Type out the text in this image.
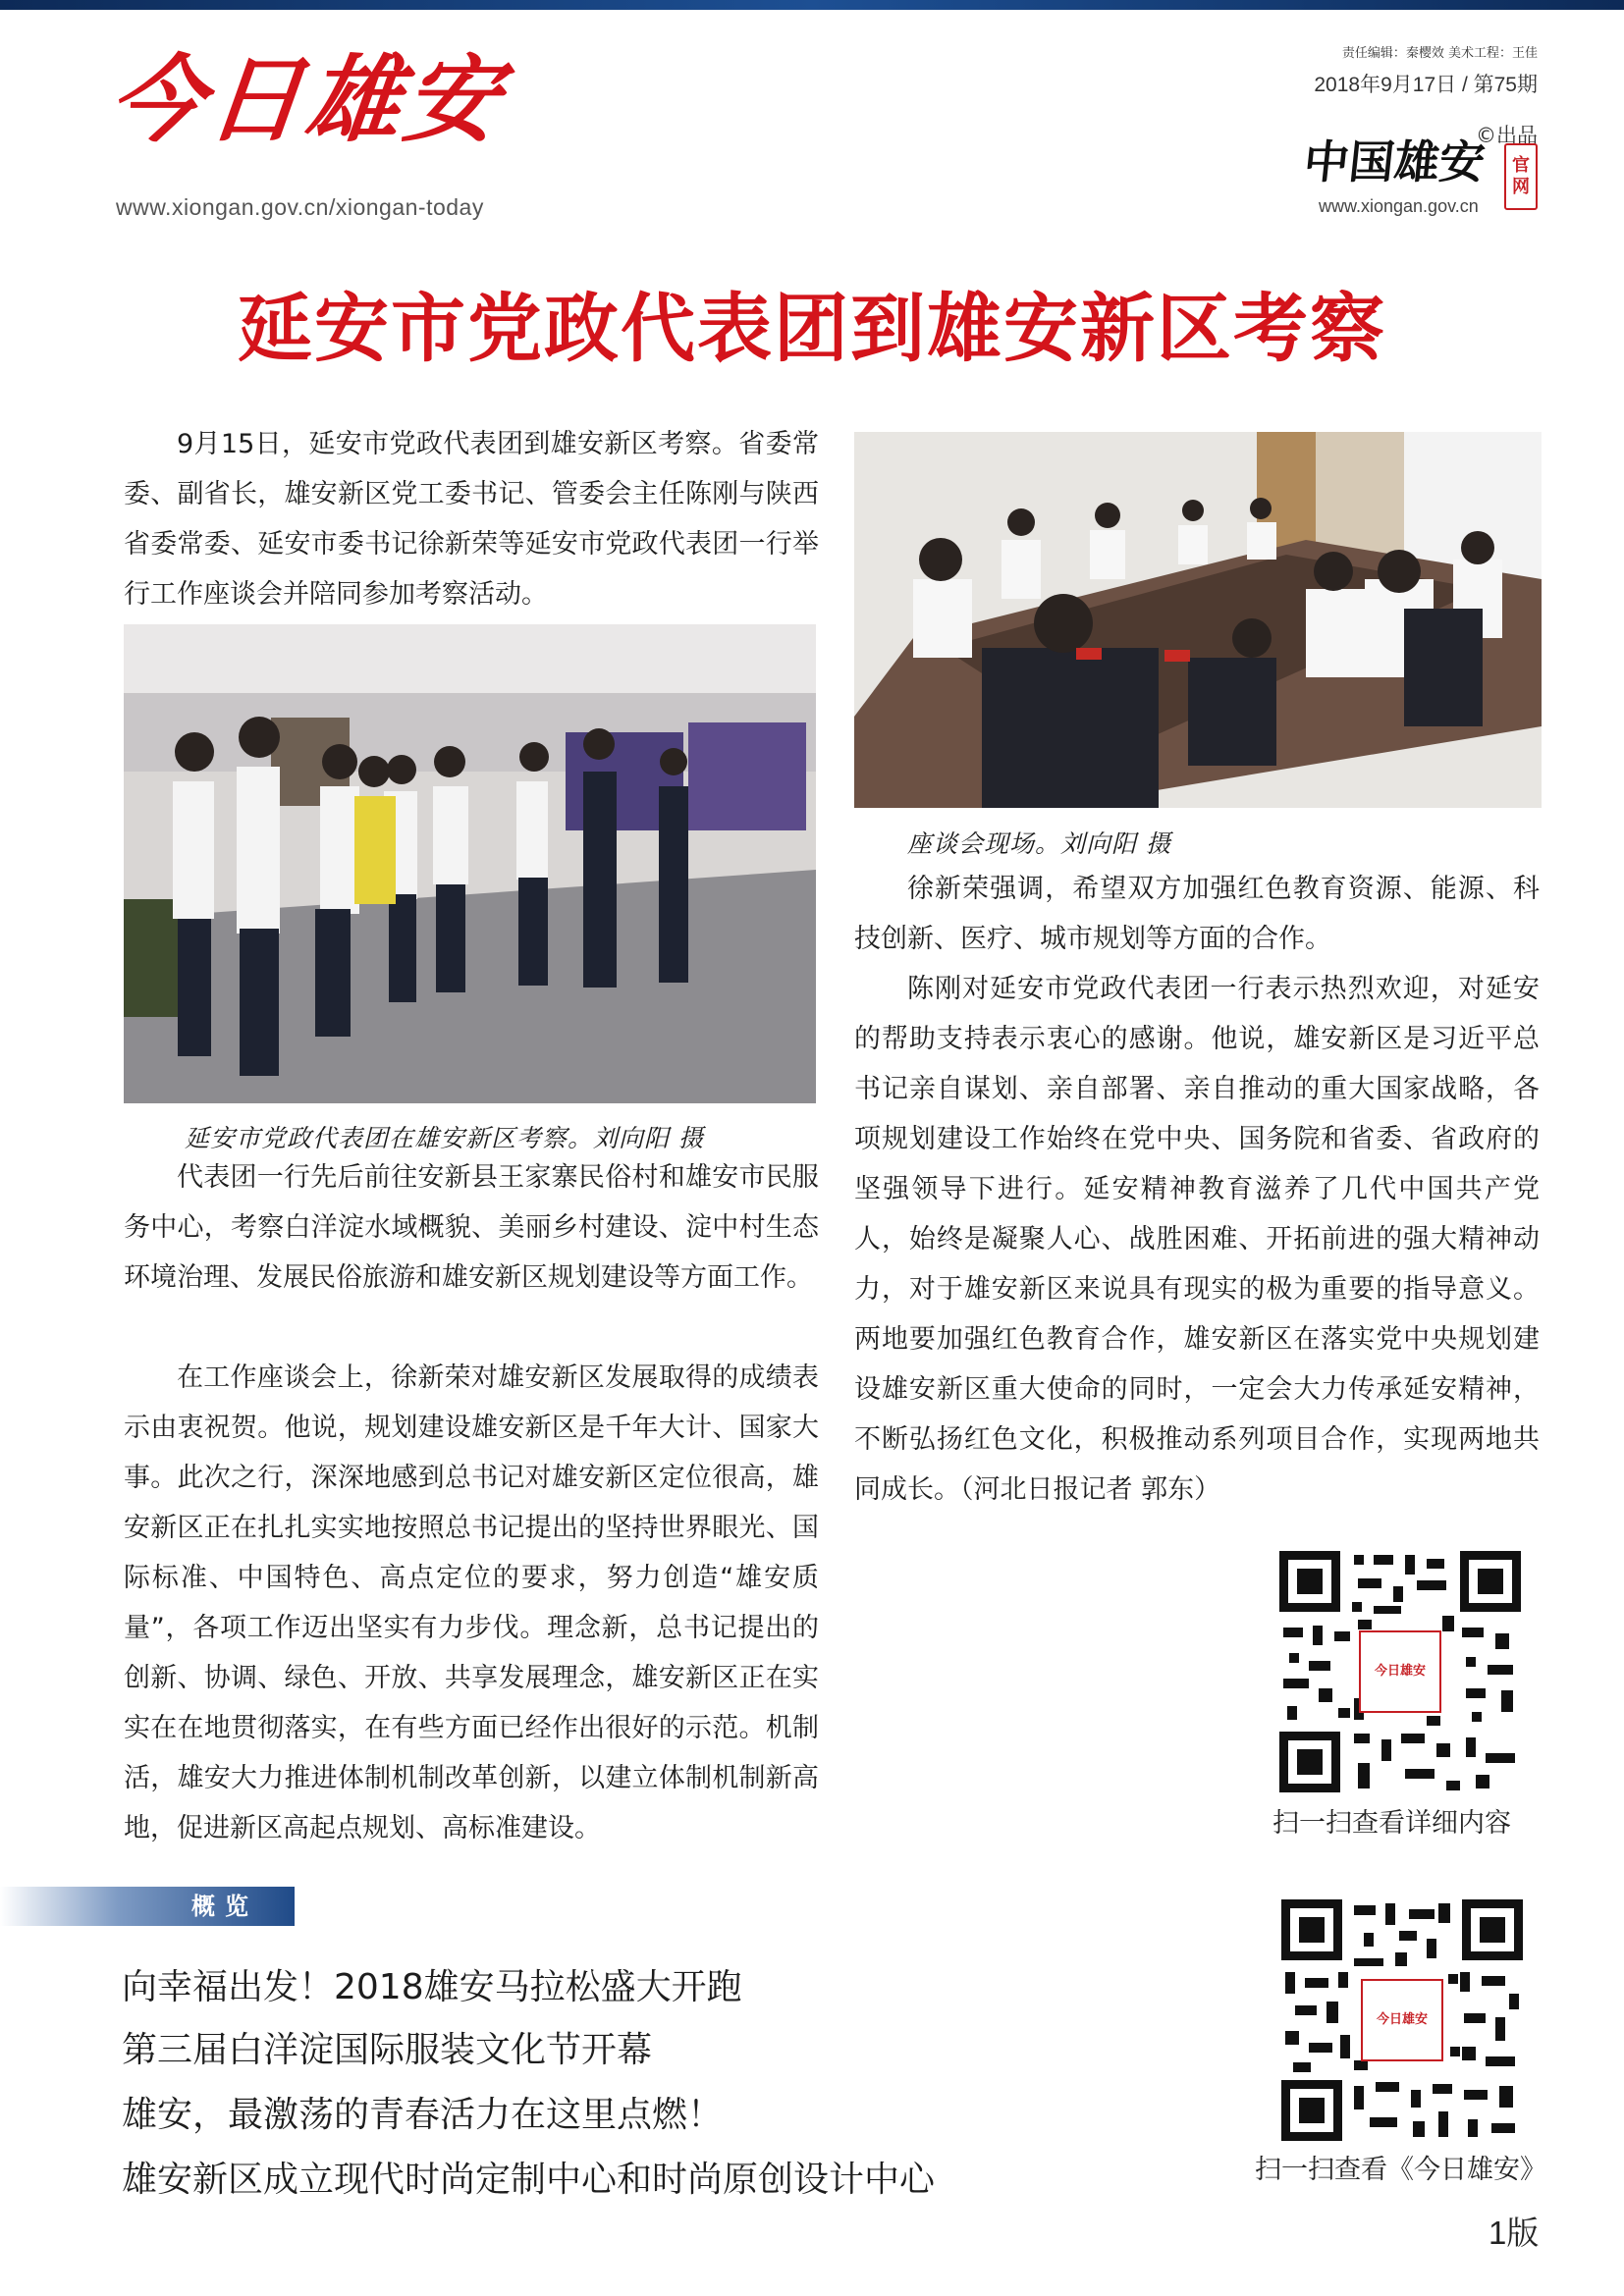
今日雄安
www.xiongan.gov.cn/xiongan-today
责任编辑：秦樱效 美术工程：王佳
2018年9月17日 / 第75期
©出品
中国雄安	官网
www.xiongan.gov.cn
延安市党政代表团到雄安新区考察

9月15日，延安市党政代表团到雄安新区考察。省委常委、副省长，雄安新区党工委书记、管委会主任陈刚与陕西省委常委、延安市委书记徐新荣等延安市党政代表团一行举行工作座谈会并陪同参加考察活动。

延安市党政代表团在雄安新区考察。刘向阳 摄

代表团一行先后前往安新县王家寨民俗村和雄安市民服务中心，考察白洋淀水域概貌、美丽乡村建设、淀中村生态环境治理、发展民俗旅游和雄安新区规划建设等方面工作。

在工作座谈会上，徐新荣对雄安新区发展取得的成绩表示由衷祝贺。他说，规划建设雄安新区是千年大计、国家大事。此次之行，深深地感到总书记对雄安新区定位很高，雄安新区正在扎扎实实地按照总书记提出的坚持世界眼光、国际标准、中国特色、高点定位的要求，努力创造“雄安质量”，各项工作迈出坚实有力步伐。理念新，总书记提出的创新、协调、绿色、开放、共享发展理念，雄安新区正在实实在在地贯彻落实，在有些方面已经作出很好的示范。机制活，雄安大力推进体制机制改革创新，以建立体制机制新高地，促进新区高起点规划、高标准建设。

座谈会现场。刘向阳 摄

徐新荣强调，希望双方加强红色教育资源、能源、科技创新、医疗、城市规划等方面的合作。

陈刚对延安市党政代表团一行表示热烈欢迎，对延安的帮助支持表示衷心的感谢。他说，雄安新区是习近平总书记亲自谋划、亲自部署、亲自推动的重大国家战略，各项规划建设工作始终在党中央、国务院和省委、省政府的坚强领导下进行。延安精神教育滋养了几代中国共产党人，始终是凝聚人心、战胜困难、开拓前进的强大精神动力，对于雄安新区来说具有现实的极为重要的指导意义。两地要加强红色教育合作，雄安新区在落实党中央规划建设雄安新区重大使命的同时，一定会大力传承延安精神，不断弘扬红色文化，积极推动系列项目合作，实现两地共同成长。（河北日报记者 郭东）

今日雄安
扫一扫查看详细内容
概览
向幸福出发！2018雄安马拉松盛大开跑
第三届白洋淀国际服装文化节开幕
雄安，最激荡的青春活力在这里点燃！
雄安新区成立现代时尚定制中心和时尚原创设计中心
今日雄安
扫一扫查看《今日雄安》
1版
